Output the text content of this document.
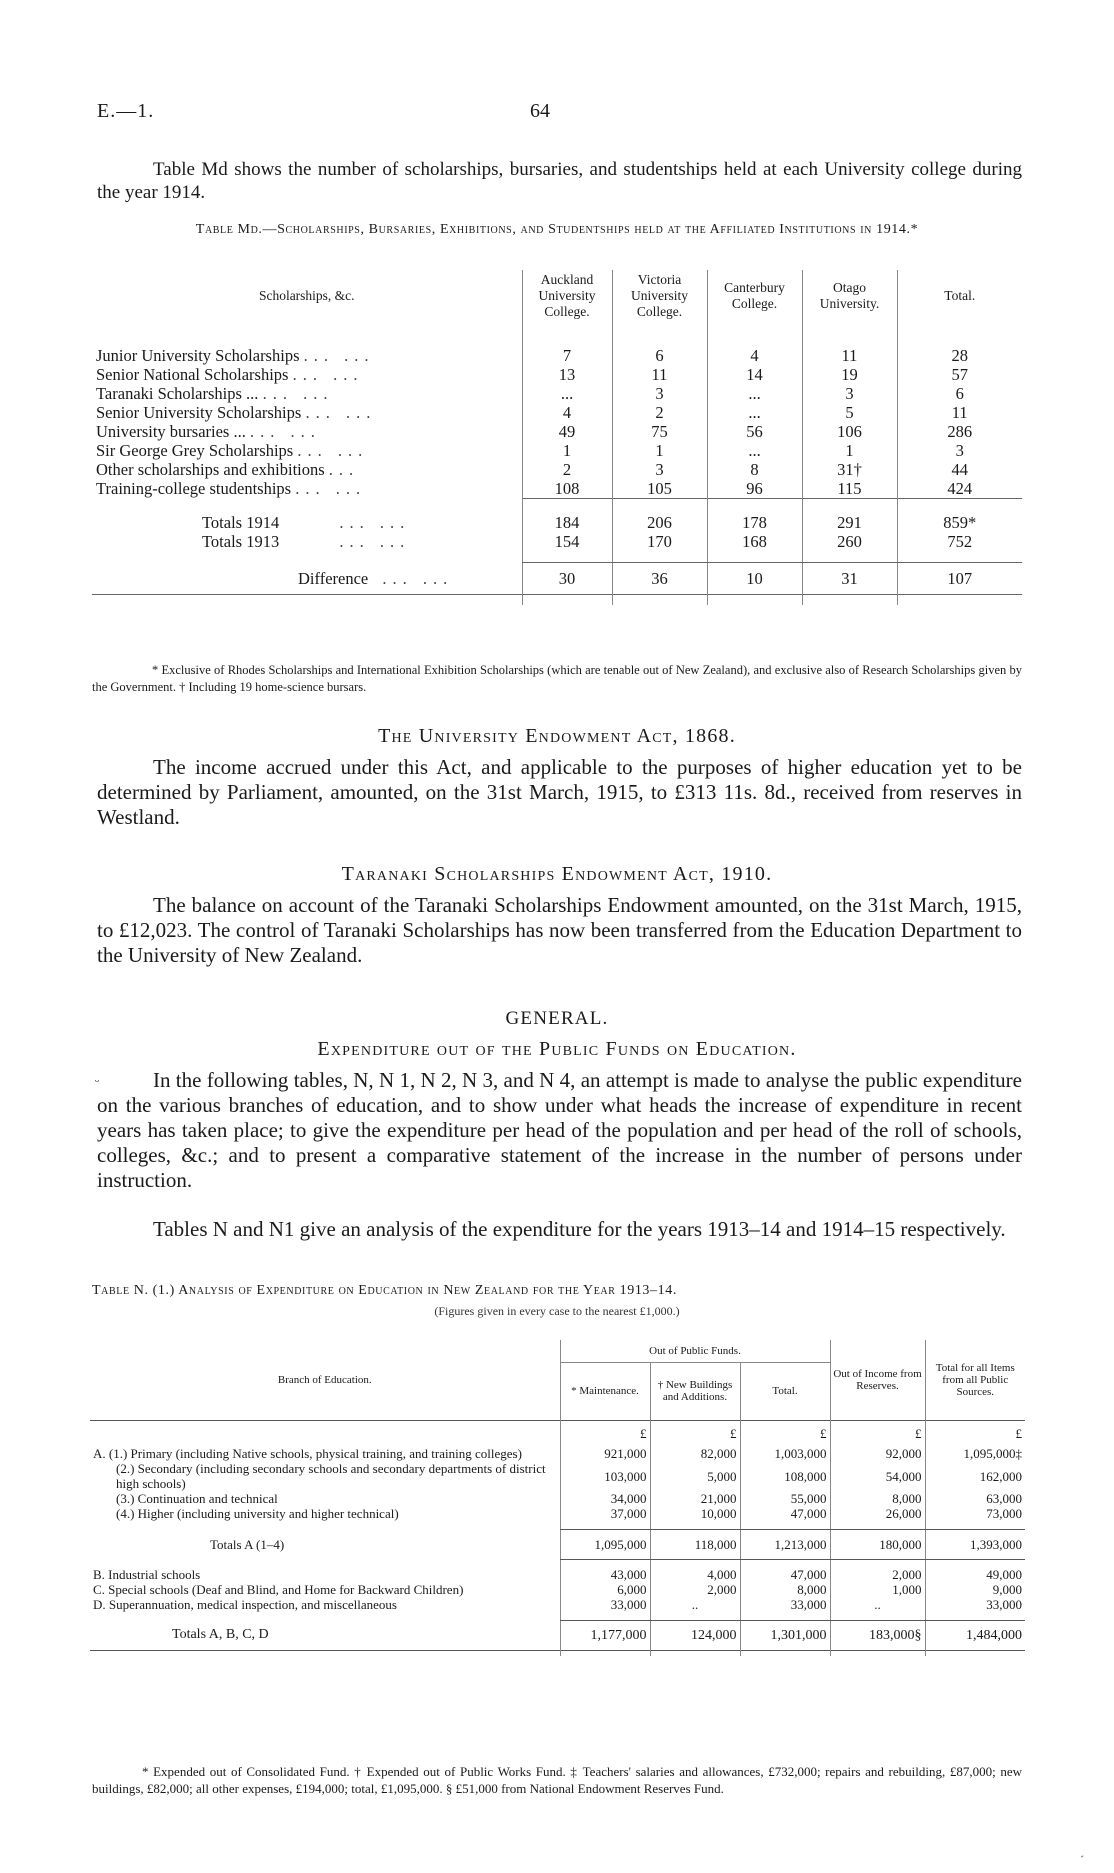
E.—1.	64
Table Md shows the number of scholarships, bursaries, and studentships held at each University college during the year 1914.
Table Md.—Scholarships, Bursaries, Exhibitions, and Studentships held at the Affiliated Institutions in 1914.*
Scholarships, &c.	Auckland University College.	Victoria University College.	Canterbury College.	Otago University.	Total.

Junior University Scholarships ... ...	7	6	4	11	28
Senior National Scholarships ... ...	13	11	14	19	57
Taranaki Scholarships ... ... ...	...	3	...	3	6
Senior University Scholarships ... ...	4	2	...	5	11
University bursaries ... ... ...	49	75	56	106	286
Sir George Grey Scholarships ... ...	1	1	...	1	3
Other scholarships and exhibitions ...	2	3	8	31†	44
Training-college studentships ... ...	108	105	96	115	424

Totals 1914 ... ...	184	206	178	291	859*
Totals 1913 ... ...	154	170	168	260	752

Difference ... ...	30	36	10	31	107

* Exclusive of Rhodes Scholarships and International Exhibition Scholarships (which are tenable out of New Zealand), and exclusive also of Research Scholarships given by the Government. † Including 19 home-science bursars.
The University Endowment Act, 1868.
The income accrued under this Act, and applicable to the purposes of higher education yet to be determined by Parliament, amounted, on the 31st March, 1915, to £313 11s. 8d., received from reserves in Westland.
Taranaki Scholarships Endowment Act, 1910.
The balance on account of the Taranaki Scholarships Endowment amounted, on the 31st March, 1915, to £12,023. The control of Taranaki Scholarships has now been transferred from the Education Department to the University of New Zealand.
GENERAL.
Expenditure out of the Public Funds on Education.
ᵕ	In the following tables, N, N 1, N 2, N 3, and N 4, an attempt is made to analyse the public expenditure on the various branches of education, and to show under what heads the increase of expenditure in recent years has taken place; to give the expenditure per head of the population and per head of the roll of schools, colleges, &c.; and to present a comparative statement of the increase in the number of persons under instruction.
Tables N and N1 give an analysis of the expenditure for the years 1913–14 and 1914–15 respectively.
Table N. (1.) Analysis of Expenditure on Education in New Zealand for the Year 1913–14.
(Figures given in every case to the nearest £1,000.)
Branch of Education.	Out of Public Funds.			Out of Income from Reserves.	Total for all Items from all Public Sources.
	* Maintenance.	† New Buildings and Additions.	Total.		
	£	£	£	£	£
A. (1.) Primary (including Native schools, physical training, and training colleges)	921,000	82,000	1,003,000	92,000	1,095,000‡
(2.) Secondary (including secondary schools and secondary departments of district high schools)	103,000	5,000	108,000	54,000	162,000
(3.) Continuation and technical	34,000	21,000	55,000	8,000	63,000
(4.) Higher (including university and higher technical)	37,000	10,000	47,000	26,000	73,000

Totals A (1–4)	1,095,000	118,000	1,213,000	180,000	1,393,000

B. Industrial schools	43,000	4,000	47,000	2,000	49,000
C. Special schools (Deaf and Blind, and Home for Backward Children)	6,000	2,000	8,000	1,000	9,000
D. Superannuation, medical inspection, and miscellaneous	33,000	..	33,000	..	33,000

Totals A, B, C, D	1,177,000	124,000	1,301,000	183,000§	1,484,000

* Expended out of Consolidated Fund. † Expended out of Public Works Fund. ‡ Teachers' salaries and allowances, £732,000; repairs and rebuilding, £87,000; new buildings, £82,000; all other expenses, £194,000; total, £1,095,000. § £51,000 from National Endowment Reserves Fund.
ˊ
